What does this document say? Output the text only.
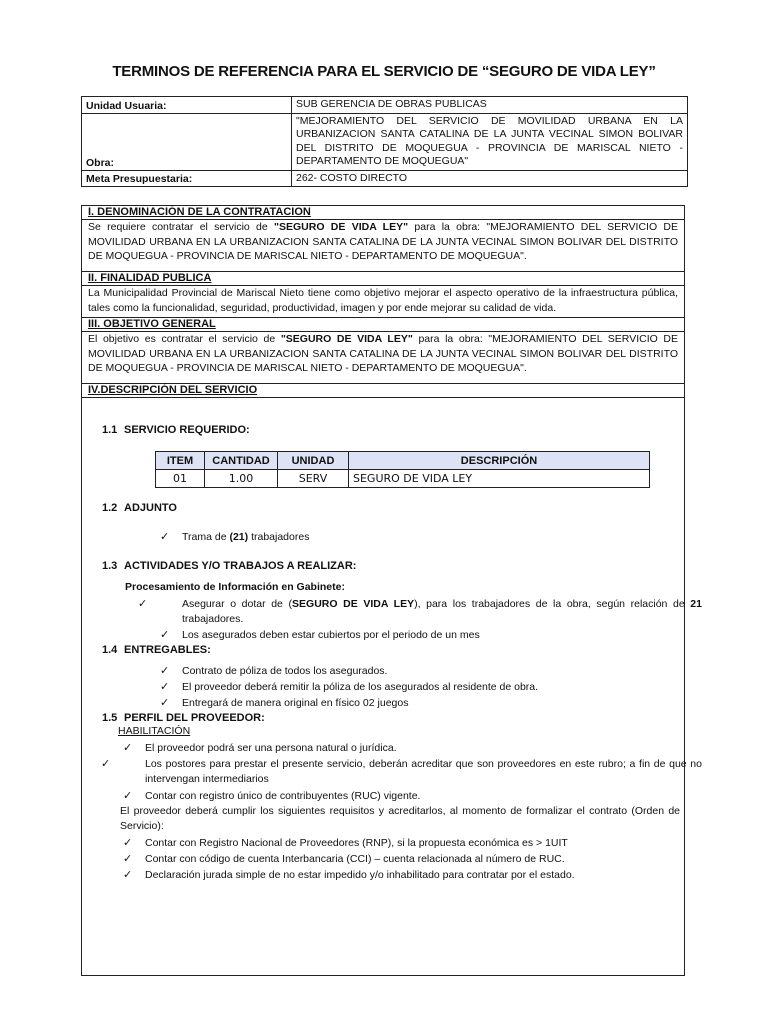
TERMINOS DE REFERENCIA PARA EL SERVICIO DE “SEGURO DE VIDA LEY”
Unidad Usuaria:	SUB GERENCIA DE OBRAS PUBLICAS
Obra:	"MEJORAMIENTO DEL SERVICIO DE MOVILIDAD URBANA EN LA URBANIZACION SANTA CATALINA DE LA JUNTA VECINAL SIMON BOLIVAR DEL DISTRITO DE MOQUEGUA - PROVINCIA DE MARISCAL NIETO - DEPARTAMENTO DE MOQUEGUA"
Meta Presupuestaria:	262- COSTO DIRECTO
I. DENOMINACIÓN DE LA CONTRATACION
Se requiere contratar el servicio de "SEGURO DE VIDA LEY" para la obra: "MEJORAMIENTO DEL SERVICIO DE MOVILIDAD URBANA EN LA URBANIZACION SANTA CATALINA DE LA JUNTA VECINAL SIMON BOLIVAR DEL DISTRITO DE MOQUEGUA - PROVINCIA DE MARISCAL NIETO - DEPARTAMENTO DE MOQUEGUA".
II. FINALIDAD PUBLICA
La Municipalidad Provincial de Mariscal Nieto tiene como objetivo mejorar el aspecto operativo de la infraestructura pública, tales como la funcionalidad, seguridad, productividad, imagen y por ende mejorar su calidad de vida.
III. OBJETIVO GENERAL
El objetivo es contratar el servicio de "SEGURO DE VIDA LEY" para la obra: "MEJORAMIENTO DEL SERVICIO DE MOVILIDAD URBANA EN LA URBANIZACION SANTA CATALINA DE LA JUNTA VECINAL SIMON BOLIVAR DEL DISTRITO DE MOQUEGUA - PROVINCIA DE MARISCAL NIETO - DEPARTAMENTO DE MOQUEGUA".
IV.DESCRIPCIÓN DEL SERVICIO
1.1 SERVICIO REQUERIDO:
ITEM	CANTIDAD	UNIDAD	DESCRIPCIÓN
01	1.00	SERV	SEGURO DE VIDA LEY
1.2 ADJUNTO
✓ Trama de (21) trabajadores
1.3 ACTIVIDADES Y/O TRABAJOS A REALIZAR:
Procesamiento de Información en Gabinete:
✓	Asegurar o dotar de (SEGURO DE VIDA LEY), para los trabajadores de la obra, según relación de 21 trabajadores.
✓ Los asegurados deben estar cubiertos por el periodo de un mes
1.4 ENTREGABLES:
✓ Contrato de póliza de todos los asegurados.
✓ El proveedor deberá remitir la póliza de los asegurados al residente de obra.
✓ Entregará de manera original en físico 02 juegos
1.5 PERFIL DEL PROVEEDOR:
HABILITACIÓN
✓ El proveedor podrá ser una persona natural o jurídica.
✓	Los postores para prestar el presente servicio, deberán acreditar que son proveedores en este rubro; a fin de que no intervengan intermediarios
✓ Contar con registro único de contribuyentes (RUC) vigente.
El proveedor deberá cumplir los siguientes requisitos y acreditarlos, al momento de formalizar el contrato (Orden de Servicio):
✓ Contar con Registro Nacional de Proveedores (RNP), si la propuesta económica es > 1UIT
✓ Contar con código de cuenta Interbancaria (CCI) – cuenta relacionada al número de RUC.
✓ Declaración jurada simple de no estar impedido y/o inhabilitado para contratar por el estado.
